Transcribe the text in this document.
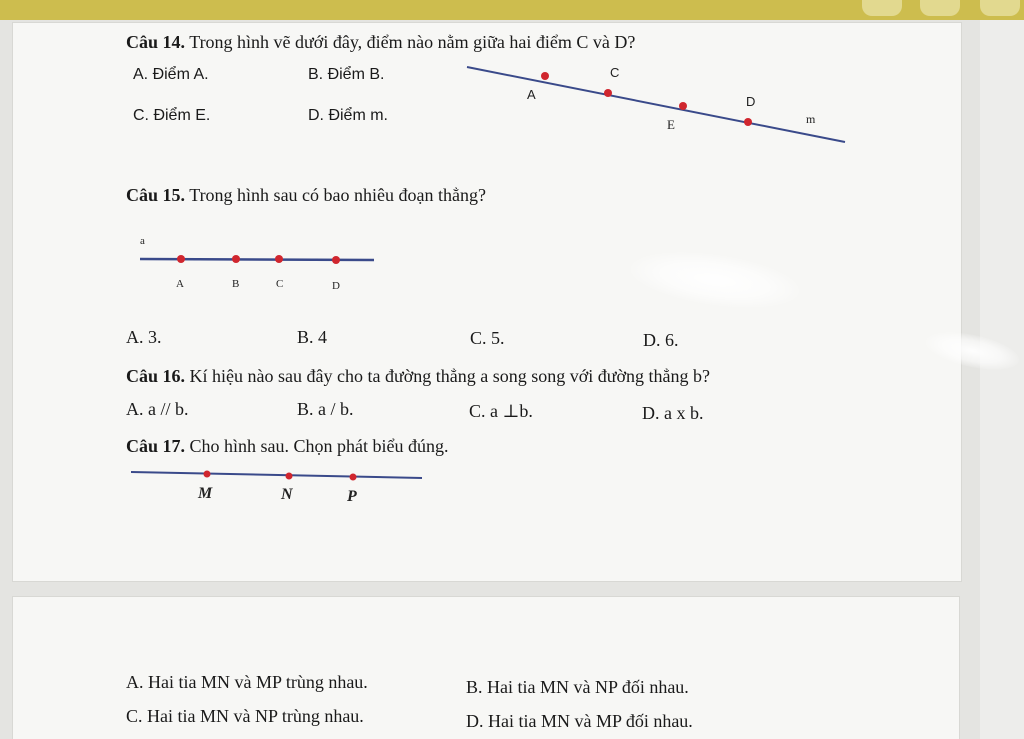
Câu 14. Trong hình vẽ dưới đây, điểm nào nằm giữa hai điểm C và D?
A. Điểm A.	B. Điểm B.
C. Điểm E.	D. Điểm m.
C
A	D
E	m
a
A	B	C	D
M	N	P
Câu 15. Trong hình sau có bao nhiêu đoạn thẳng?
A. 3.	B. 4	C. 5.	D. 6.
Câu 16. Kí hiệu nào sau đây cho ta đường thẳng a song song với đường thẳng b?
A. a // b.	B. a / b.	C. a ⊥b.	D. a x b.
Câu 17. Cho hình sau. Chọn phát biểu đúng.
A. Hai tia MN và MP trùng nhau.	B. Hai tia MN và NP đối nhau.
C. Hai tia MN và NP trùng nhau.	D. Hai tia MN và MP đối nhau.
